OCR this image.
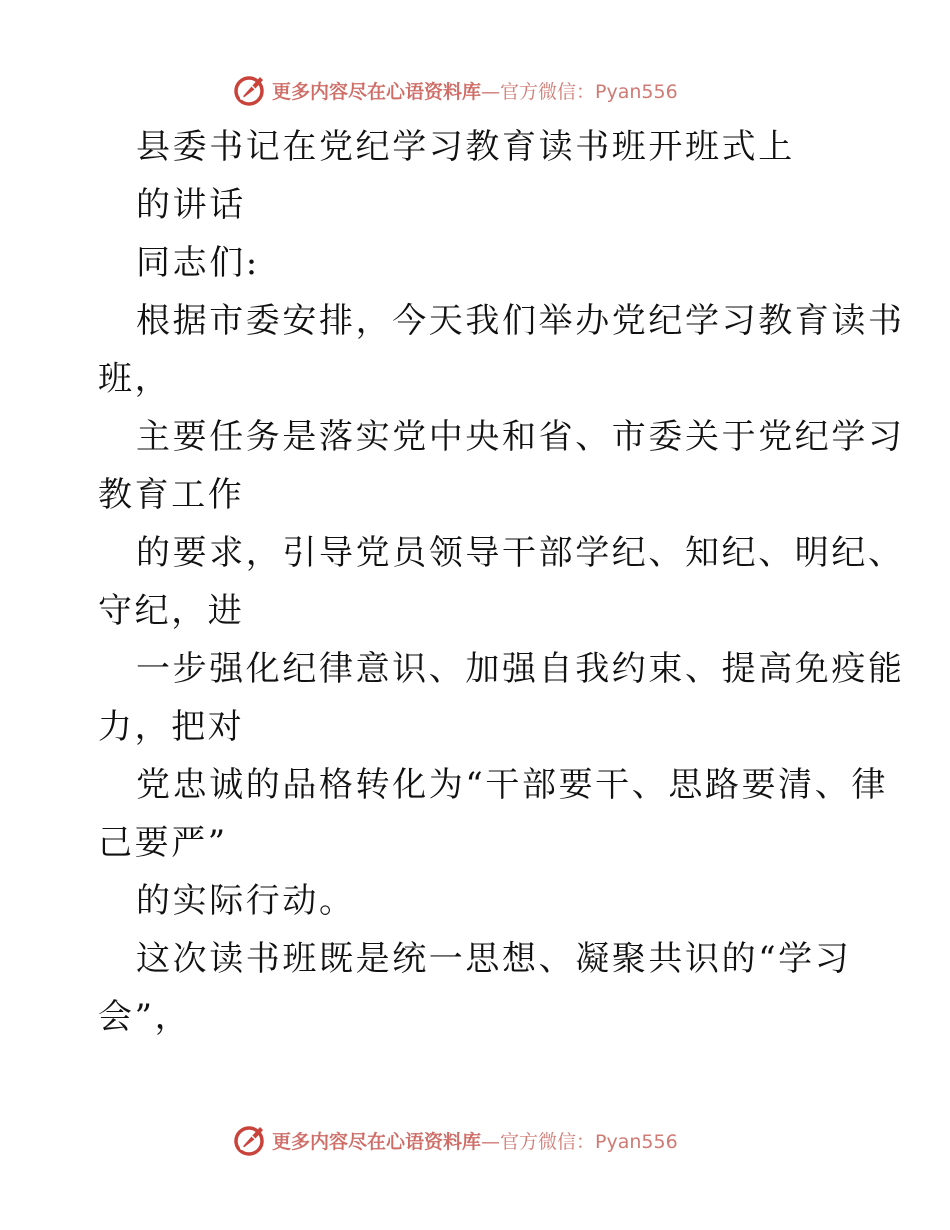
更多内容尽在心语资料库—官方微信：Pyan556
县委书记在党纪学习教育读书班开班式上
的讲话
同志们:
根据市委安排，今天我们举办党纪学习教育读书
班，
主要任务是落实党中央和省、市委关于党纪学习
教育工作
的要求，引导党员领导干部学纪、知纪、明纪、
守纪，进
一步强化纪律意识、加强自我约束、提高免疫能
力，把对
党忠诚的品格转化为“干部要干、思路要清、律
己要严”
的实际行动。
这次读书班既是统一思想、凝聚共识的“学习
会”，
更多内容尽在心语资料库—官方微信：Pyan556
